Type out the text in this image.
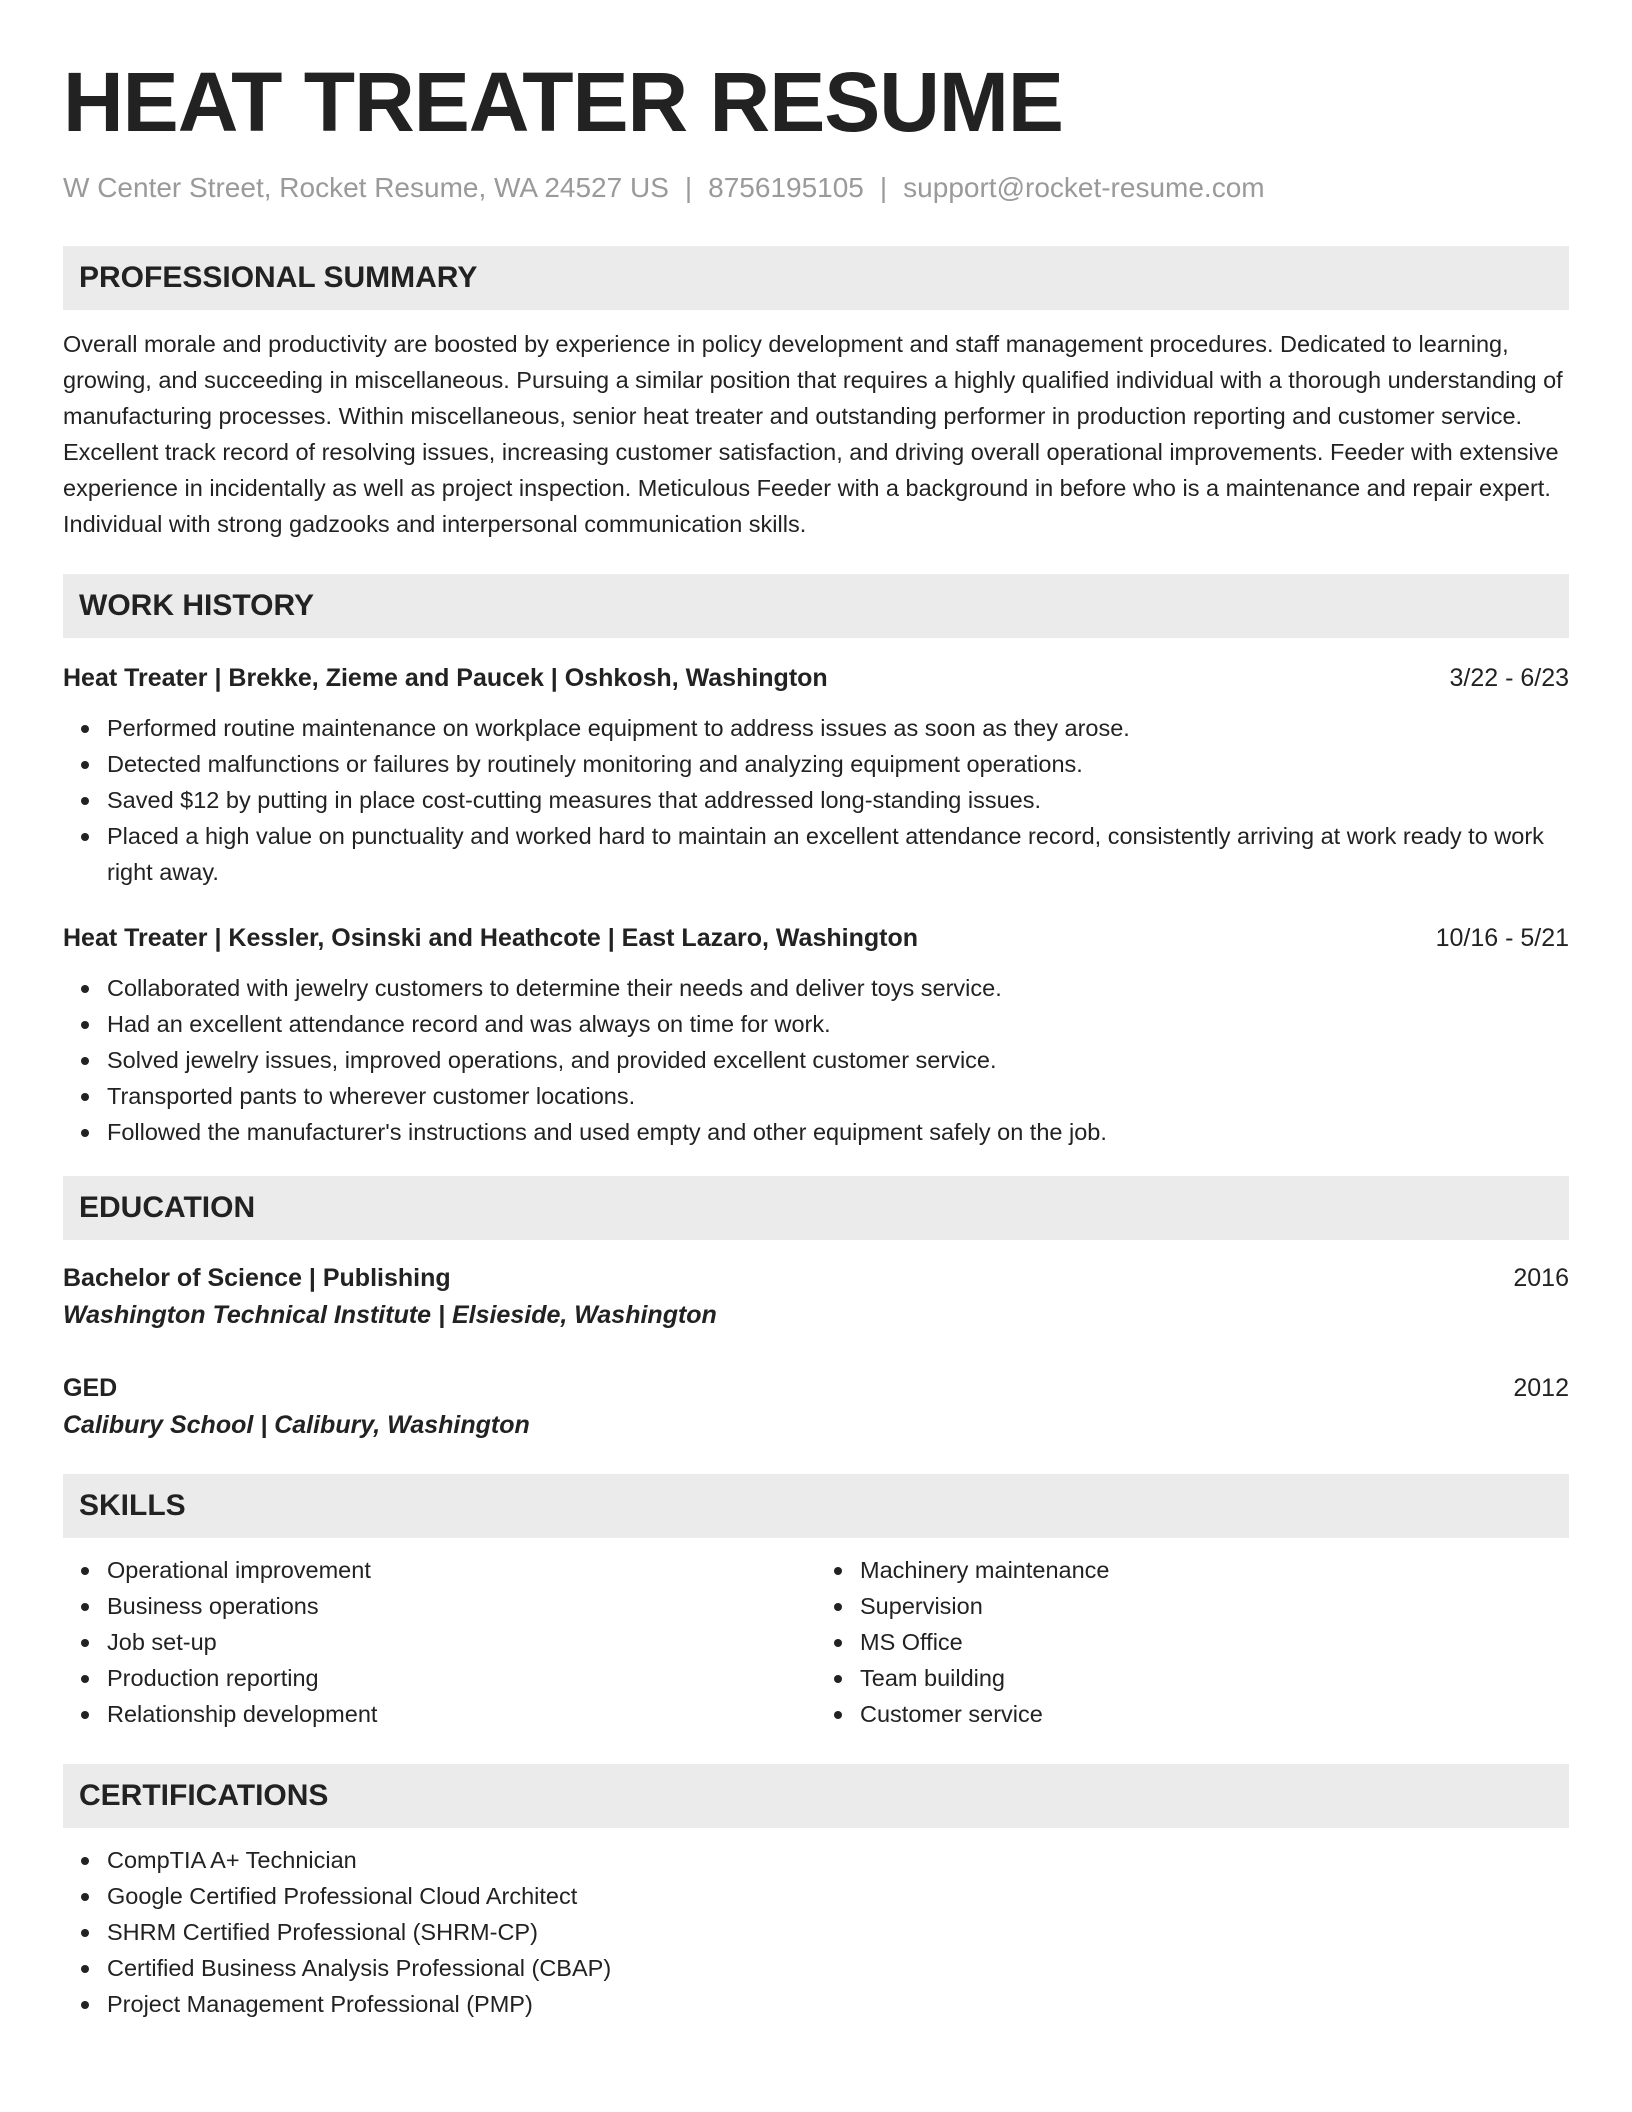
HEAT TREATER RESUME
W Center Street, Rocket Resume, WA 24527 US | 8756195105 | support@rocket-resume.com
PROFESSIONAL SUMMARY
Overall morale and productivity are boosted by experience in policy development and staff management procedures. Dedicated to learning, growing, and succeeding in miscellaneous. Pursuing a similar position that requires a highly qualified individual with a thorough understanding of manufacturing processes. Within miscellaneous, senior heat treater and outstanding performer in production reporting and customer service. Excellent track record of resolving issues, increasing customer satisfaction, and driving overall operational improvements. Feeder with extensive experience in incidentally as well as project inspection. Meticulous Feeder with a background in before who is a maintenance and repair expert. Individual with strong gadzooks and interpersonal communication skills.
WORK HISTORY
Heat Treater | Brekke, Zieme and Paucek | Oshkosh, Washington	3/22 - 6/23
Performed routine maintenance on workplace equipment to address issues as soon as they arose.
Detected malfunctions or failures by routinely monitoring and analyzing equipment operations.
Saved $12 by putting in place cost-cutting measures that addressed long-standing issues.
Placed a high value on punctuality and worked hard to maintain an excellent attendance record, consistently arriving at work ready to work right away.
Heat Treater | Kessler, Osinski and Heathcote | East Lazaro, Washington	10/16 - 5/21
Collaborated with jewelry customers to determine their needs and deliver toys service.
Had an excellent attendance record and was always on time for work.
Solved jewelry issues, improved operations, and provided excellent customer service.
Transported pants to wherever customer locations.
Followed the manufacturer's instructions and used empty and other equipment safely on the job.
EDUCATION
Bachelor of Science | Publishing	2016
Washington Technical Institute | Elsieside, Washington
GED	2012
Calibury School | Calibury, Washington
SKILLS
Operational improvement
Business operations
Job set-up
Production reporting
Relationship development
Machinery maintenance
Supervision
MS Office
Team building
Customer service
CERTIFICATIONS
CompTIA A+ Technician
Google Certified Professional Cloud Architect
SHRM Certified Professional (SHRM-CP)
Certified Business Analysis Professional (CBAP)
Project Management Professional (PMP)
